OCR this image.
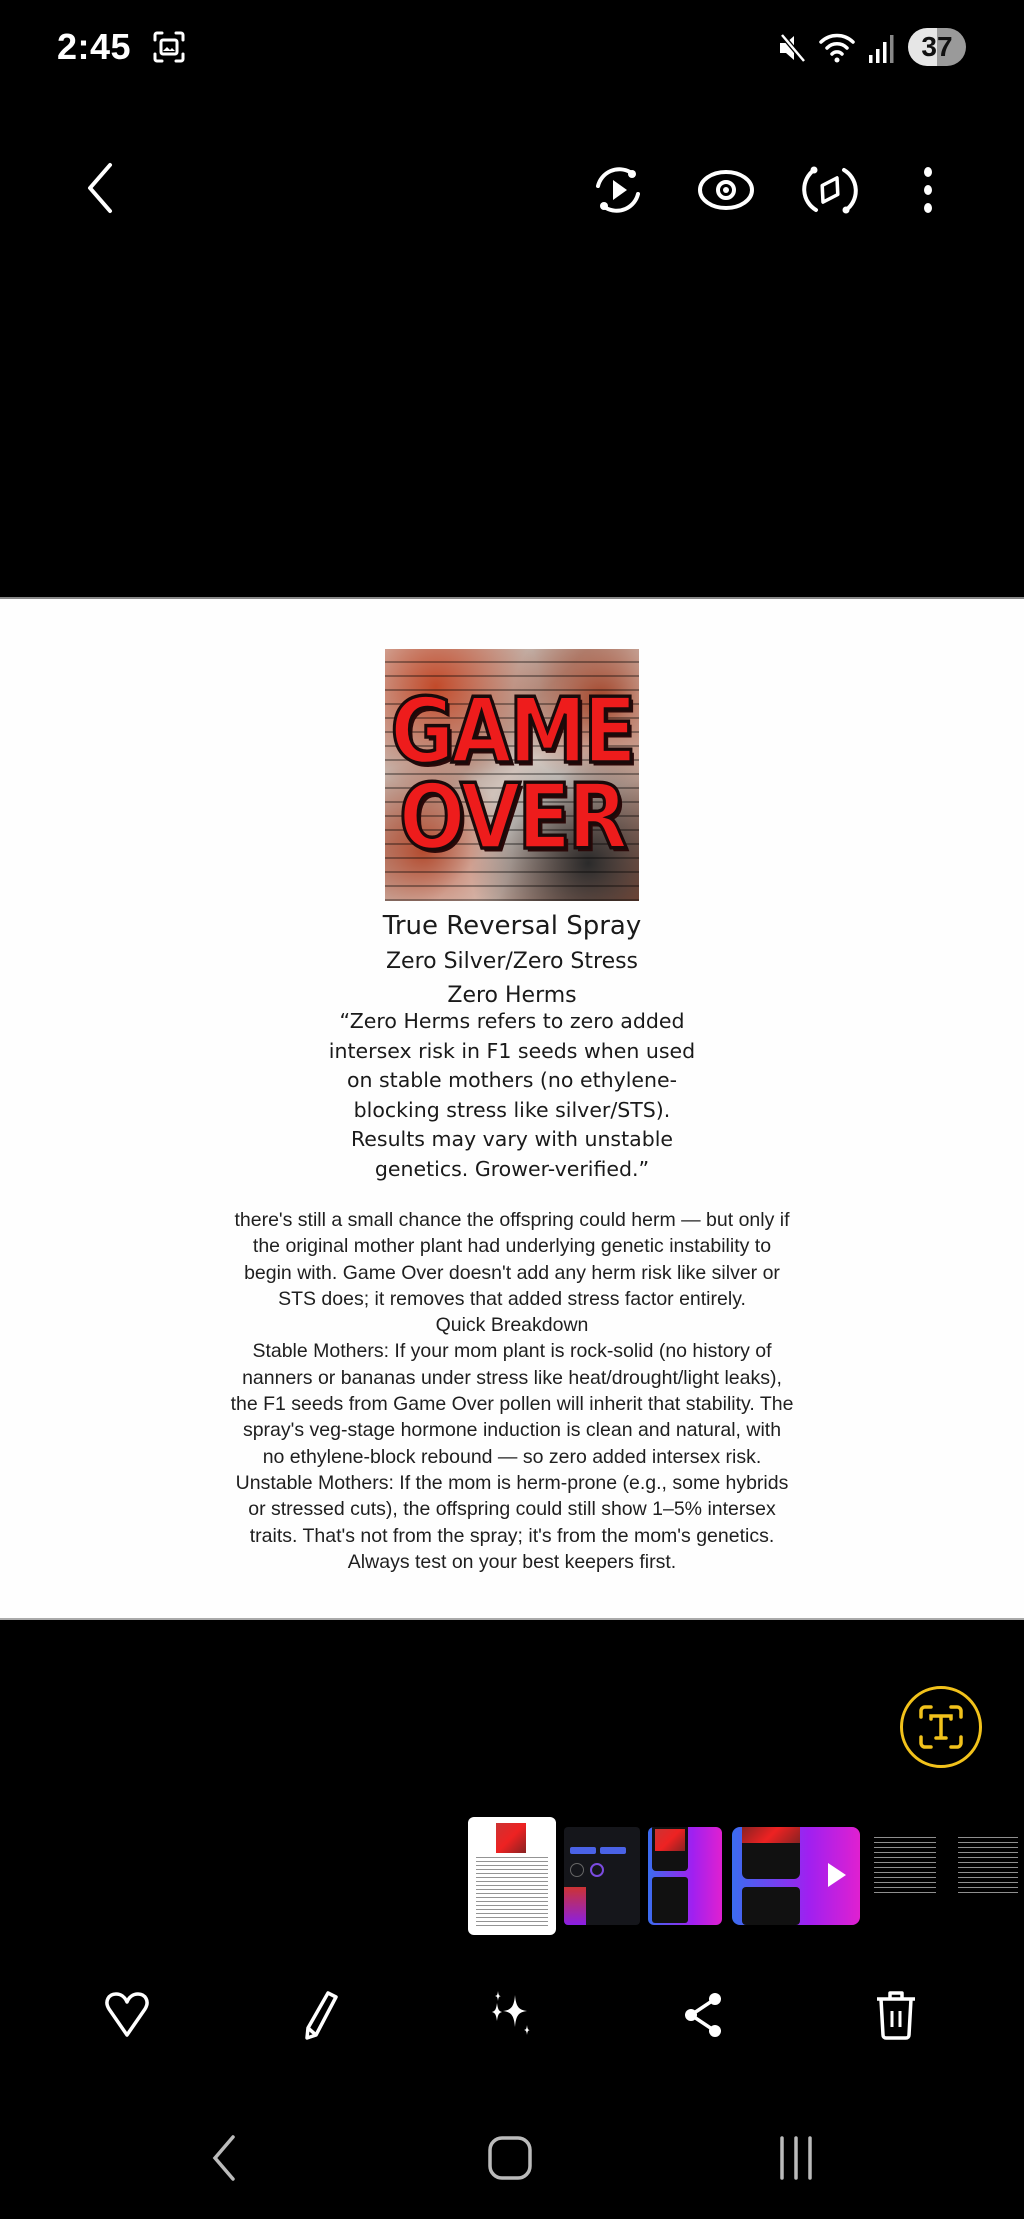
2:45	37
GAME
OVER
True Reversal Spray
Zero Silver/Zero Stress
Zero Herms
“Zero Herms refers to zero added
intersex risk in F1 seeds when used
on stable mothers (no ethylene-
blocking stress like silver/STS).
Results may vary with unstable
genetics. Grower-verified.”

there's still a small chance the offspring could herm — but only if

the original mother plant had underlying genetic instability to

begin with. Game Over doesn't add any herm risk like silver or

STS does; it removes that added stress factor entirely.

Quick Breakdown

Stable Mothers: If your mom plant is rock-solid (no history of

nanners or bananas under stress like heat/drought/light leaks),

the F1 seeds from Game Over pollen will inherit that stability. The

spray's veg-stage hormone induction is clean and natural, with

no ethylene-block rebound — so zero added intersex risk.

Unstable Mothers: If the mom is herm-prone (e.g., some hybrids

or stressed cuts), the offspring could still show 1–5% intersex

traits. That's not from the spray; it's from the mom's genetics.

Always test on your best keepers first.
